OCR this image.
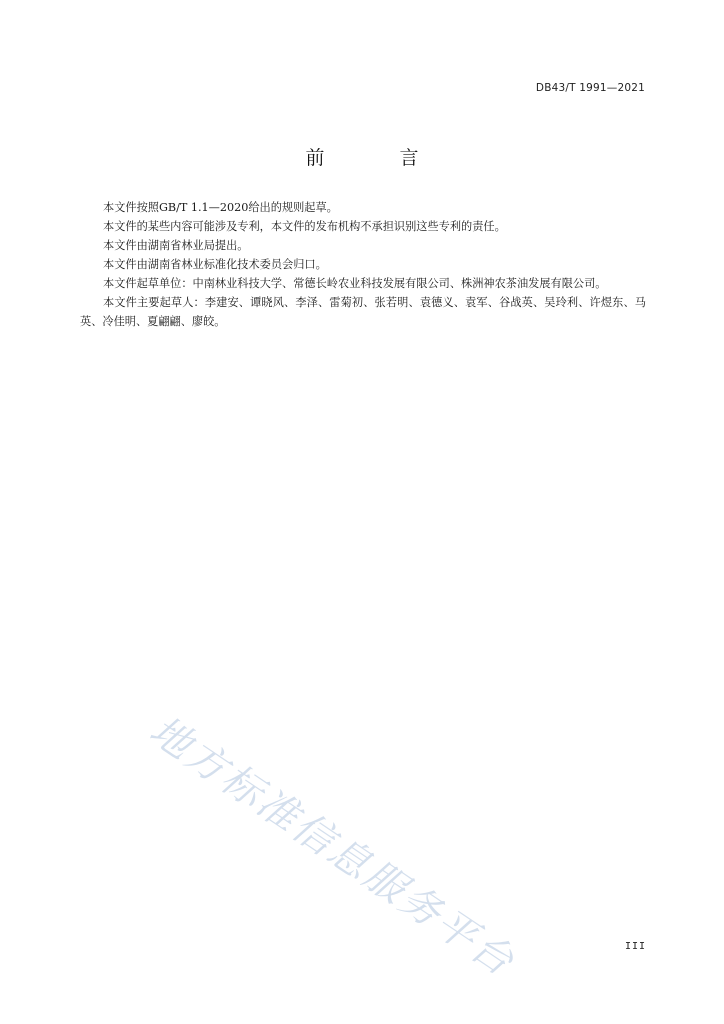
DB43/T 1991—2021
前　言

本文件按照GB/T 1.1—2020给出的规则起草。

本文件的某些内容可能涉及专利，本文件的发布机构不承担识别这些专利的责任。

本文件由湖南省林业局提出。

本文件由湖南省林业标准化技术委员会归口。

本文件起草单位：中南林业科技大学、常德长岭农业科技发展有限公司、株洲神农茶油发展有限公司。

本文件主要起草人：李建安、谭晓风、李泽、雷菊初、张若明、袁德义、袁军、谷战英、吴玲利、许煜东、马英、冷佳明、夏翩翩、廖皎。

地方标准信息服务平台	III
